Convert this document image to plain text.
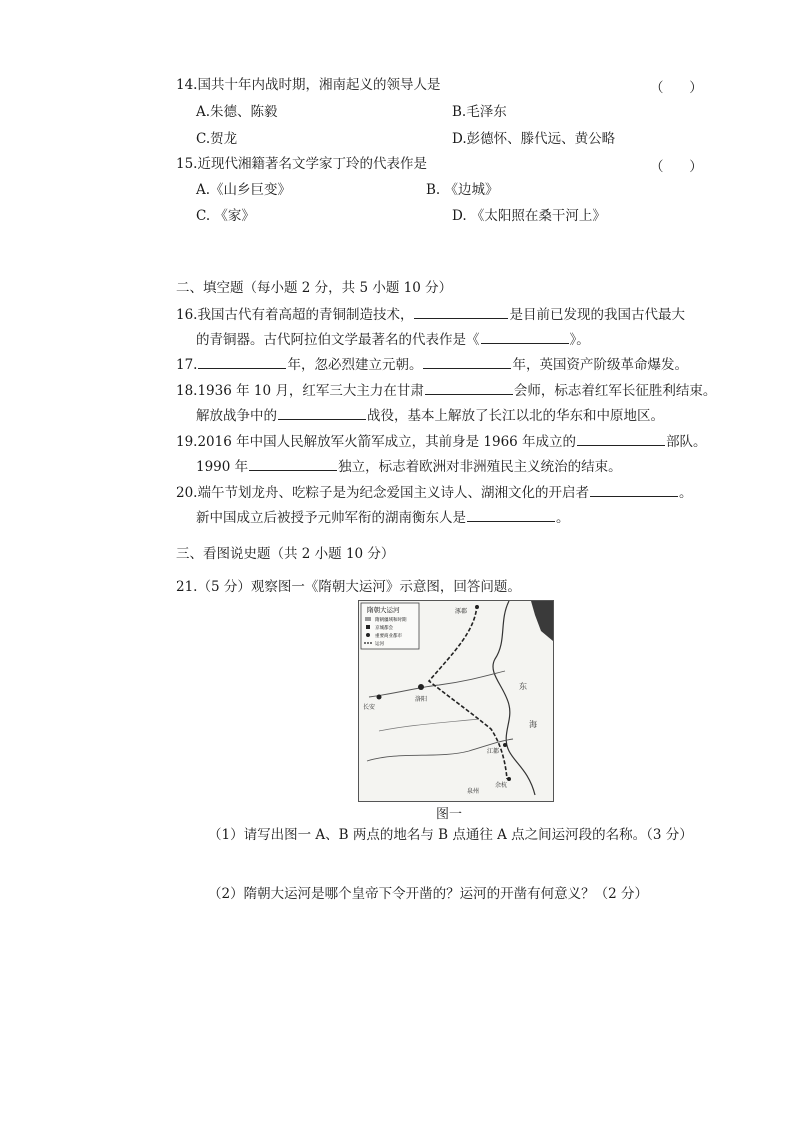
14.国共十年内战时期，湘南起义的领导人是	（      ）
A.朱德、陈毅	B.毛泽东
C.贺龙	D.彭德怀、滕代远、黄公略
15.近现代湘籍著名文学家丁玲的代表作是	（      ）
A.《山乡巨变》	B. 《边城》
C. 《家》	D. 《太阳照在桑干河上》
二、填空题（每小题 2 分，共 5 小题 10 分）
16.我国古代有着高超的青铜制造技术，	是目前已发现的我国古代最大
的青铜器。古代阿拉伯文学最著名的代表作是《	》。
17.	年，忽必烈建立元朝。	年，英国资产阶级革命爆发。
18.1936 年 10 月，红军三大主力在甘肃	会师，标志着红军长征胜利结束。
解放战争中的	战役，基本上解放了长江以北的华东和中原地区。
19.2016 年中国人民解放军火箭军成立，其前身是 1966 年成立的	部队。
1990 年	独立，标志着欧洲对非洲殖民主义统治的结束。
20.端午节划龙舟、吃粽子是为纪念爱国主义诗人、湖湘文化的开启者	。
新中国成立后被授予元帅军衔的湖南衡东人是	。
三、看图说史题（共 2 小题 10 分）
21.（5 分）观察图一《隋朝大运河》示意图，回答问题。
隋朝大运河
隋朝疆域和时期
京城都会
重要商业都市
运河
东
海
江都
余杭
长安
洛阳
涿郡
泉州
图一
（1）请写出图一 A、B 两点的地名与 B 点通往 A 点之间运河段的名称。（3 分）
（2）隋朝大运河是哪个皇帝下令开凿的？运河的开凿有何意义？（2 分）
